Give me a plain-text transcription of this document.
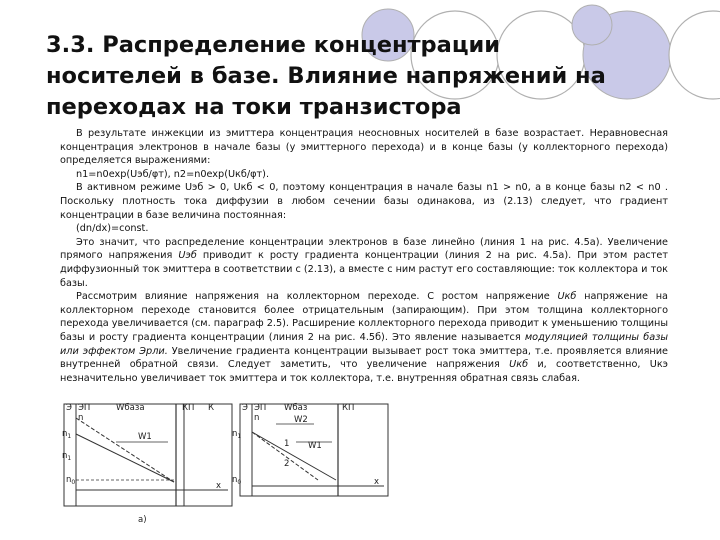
3.3. Распределение концентрации
носителей в базе. Влияние напряжений на
переходах на токи транзистора

В результате инжекции из эмиттера концентрация неосновных носителей в базе возрастает. Неравновесная концентрация электронов в начале базы (у эмиттерного перехода) и в конце базы (у коллекторного перехода) определяется выражениями:

n1=n0exp(Uэб/φт), n2=n0exp(Uкб/φт).

В активном режиме Uэб > 0, Uкб < 0, поэтому концентрация в начале базы n1 > n0, а в конце базы n2 < n0 . Поскольку плотность тока диффузии в любом сечении базы одинакова, из (2.13) следует, что градиент концентрации в базе величина постоянная:

(dn/dx)=const.

Это значит, что распределение концентрации электронов в базе линейно (линия 1 на рис. 4.5а). Увеличение прямого напряжения Uэб приводит к росту градиента концентрации (линия 2 на рис. 4.5а). При этом растет диффузионный ток эмиттера в соответствии с (2.13), а вместе с ним растут его составляющие: ток коллектора и ток базы.

Рассмотрим влияние напряжения на коллекторном переходе. С ростом напряжение Uкб напряжение на коллекторном переходе становится более отрицательным (запирающим). При этом толщина коллекторного перехода увеличивается (см. параграф 2.5). Расширение коллекторного перехода приводит к уменьшению толщины базы и росту градиента концентрации (линия 2 на рис. 4.5б). Это явление называется модуляцией толщины базы или эффектом Эрли. Увеличение градиента концентрации вызывает рост тока эмиттера, т.е. проявляется влияние внутренней обратной связи. Следует заметить, что увеличение напряжения Uкб и, соответственно, Uкэ незначительно увеличивает ток эмиттера и ток коллектора, т.е. внутренняя обратная связь слабая.

Э ЭП	Wбаза	КП К
n
$n_1$
$n_1$
W1
$n_0$	x
a)
Э ЭП Wбаз	КП
n	W2
$n_1$
1 W1
2
$n_0$	x
